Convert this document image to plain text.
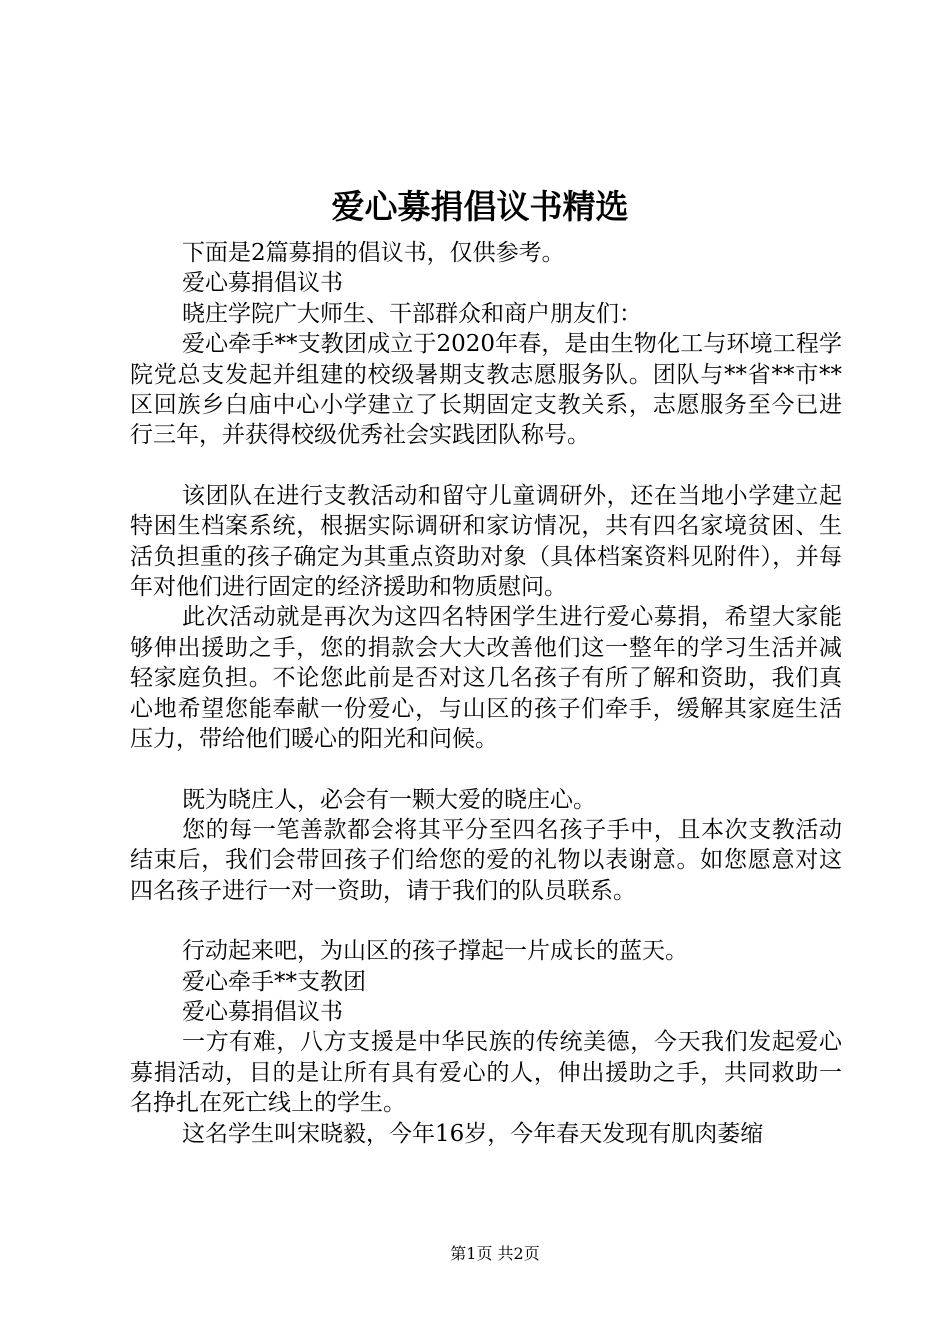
爱心募捐倡议书精选

下面是2篇募捐的倡议书，仅供参考。

爱心募捐倡议书

晓庄学院广大师生、干部群众和商户朋友们：

爱心牵手**支教团成立于2020年春，是由生物化工与环境工程学院党总支发起并组建的校级暑期支教志愿服务队。团队与**省**市**区回族乡白庙中心小学建立了长期固定支教关系，志愿服务至今已进行三年，并获得校级优秀社会实践团队称号。

该团队在进行支教活动和留守儿童调研外，还在当地小学建立起特困生档案系统，根据实际调研和家访情况，共有四名家境贫困、生活负担重的孩子确定为其重点资助对象（具体档案资料见附件），并每年对他们进行固定的经济援助和物质慰问。

此次活动就是再次为这四名特困学生进行爱心募捐，希望大家能够伸出援助之手，您的捐款会大大改善他们这一整年的学习生活并减轻家庭负担。不论您此前是否对这几名孩子有所了解和资助，我们真心地希望您能奉献一份爱心，与山区的孩子们牵手，缓解其家庭生活压力，带给他们暖心的阳光和问候。

既为晓庄人，必会有一颗大爱的晓庄心。

您的每一笔善款都会将其平分至四名孩子手中，且本次支教活动结束后，我们会带回孩子们给您的爱的礼物以表谢意。如您愿意对这四名孩子进行一对一资助，请于我们的队员联系。

行动起来吧，为山区的孩子撑起一片成长的蓝天。

爱心牵手**支教团

爱心募捐倡议书

一方有难，八方支援是中华民族的传统美德，今天我们发起爱心募捐活动，目的是让所有具有爱心的人，伸出援助之手，共同救助一名挣扎在死亡线上的学生。

这名学生叫宋晓毅，今年16岁，今年春天发现有肌肉萎缩

第1页 共2页
